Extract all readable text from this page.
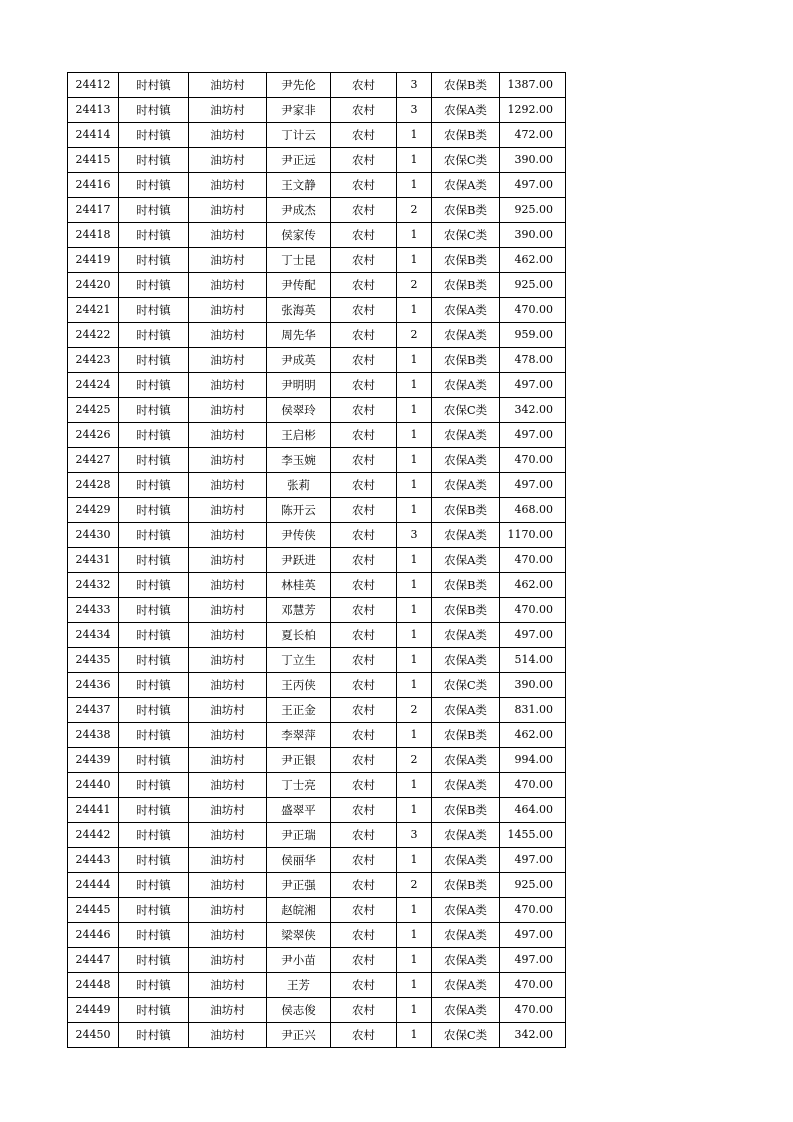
24412	时村镇	油坊村	尹先伦	农村	3	农保B类	1387.00
24413	时村镇	油坊村	尹家非	农村	3	农保A类	1292.00
24414	时村镇	油坊村	丁计云	农村	1	农保B类	472.00
24415	时村镇	油坊村	尹正远	农村	1	农保C类	390.00
24416	时村镇	油坊村	王文静	农村	1	农保A类	497.00
24417	时村镇	油坊村	尹成杰	农村	2	农保B类	925.00
24418	时村镇	油坊村	侯家传	农村	1	农保C类	390.00
24419	时村镇	油坊村	丁士昆	农村	1	农保B类	462.00
24420	时村镇	油坊村	尹传配	农村	2	农保B类	925.00
24421	时村镇	油坊村	张海英	农村	1	农保A类	470.00
24422	时村镇	油坊村	周先华	农村	2	农保A类	959.00
24423	时村镇	油坊村	尹成英	农村	1	农保B类	478.00
24424	时村镇	油坊村	尹明明	农村	1	农保A类	497.00
24425	时村镇	油坊村	侯翠玲	农村	1	农保C类	342.00
24426	时村镇	油坊村	王启彬	农村	1	农保A类	497.00
24427	时村镇	油坊村	李玉婉	农村	1	农保A类	470.00
24428	时村镇	油坊村	张莉	农村	1	农保A类	497.00
24429	时村镇	油坊村	陈开云	农村	1	农保B类	468.00
24430	时村镇	油坊村	尹传侠	农村	3	农保A类	1170.00
24431	时村镇	油坊村	尹跃进	农村	1	农保A类	470.00
24432	时村镇	油坊村	林桂英	农村	1	农保B类	462.00
24433	时村镇	油坊村	邓慧芳	农村	1	农保B类	470.00
24434	时村镇	油坊村	夏长柏	农村	1	农保A类	497.00
24435	时村镇	油坊村	丁立生	农村	1	农保A类	514.00
24436	时村镇	油坊村	王丙侠	农村	1	农保C类	390.00
24437	时村镇	油坊村	王正金	农村	2	农保A类	831.00
24438	时村镇	油坊村	李翠萍	农村	1	农保B类	462.00
24439	时村镇	油坊村	尹正银	农村	2	农保A类	994.00
24440	时村镇	油坊村	丁士亮	农村	1	农保A类	470.00
24441	时村镇	油坊村	盛翠平	农村	1	农保B类	464.00
24442	时村镇	油坊村	尹正瑞	农村	3	农保A类	1455.00
24443	时村镇	油坊村	侯丽华	农村	1	农保A类	497.00
24444	时村镇	油坊村	尹正强	农村	2	农保B类	925.00
24445	时村镇	油坊村	赵皖湘	农村	1	农保A类	470.00
24446	时村镇	油坊村	梁翠侠	农村	1	农保A类	497.00
24447	时村镇	油坊村	尹小苗	农村	1	农保A类	497.00
24448	时村镇	油坊村	王芳	农村	1	农保A类	470.00
24449	时村镇	油坊村	侯志俊	农村	1	农保A类	470.00
24450	时村镇	油坊村	尹正兴	农村	1	农保C类	342.00
